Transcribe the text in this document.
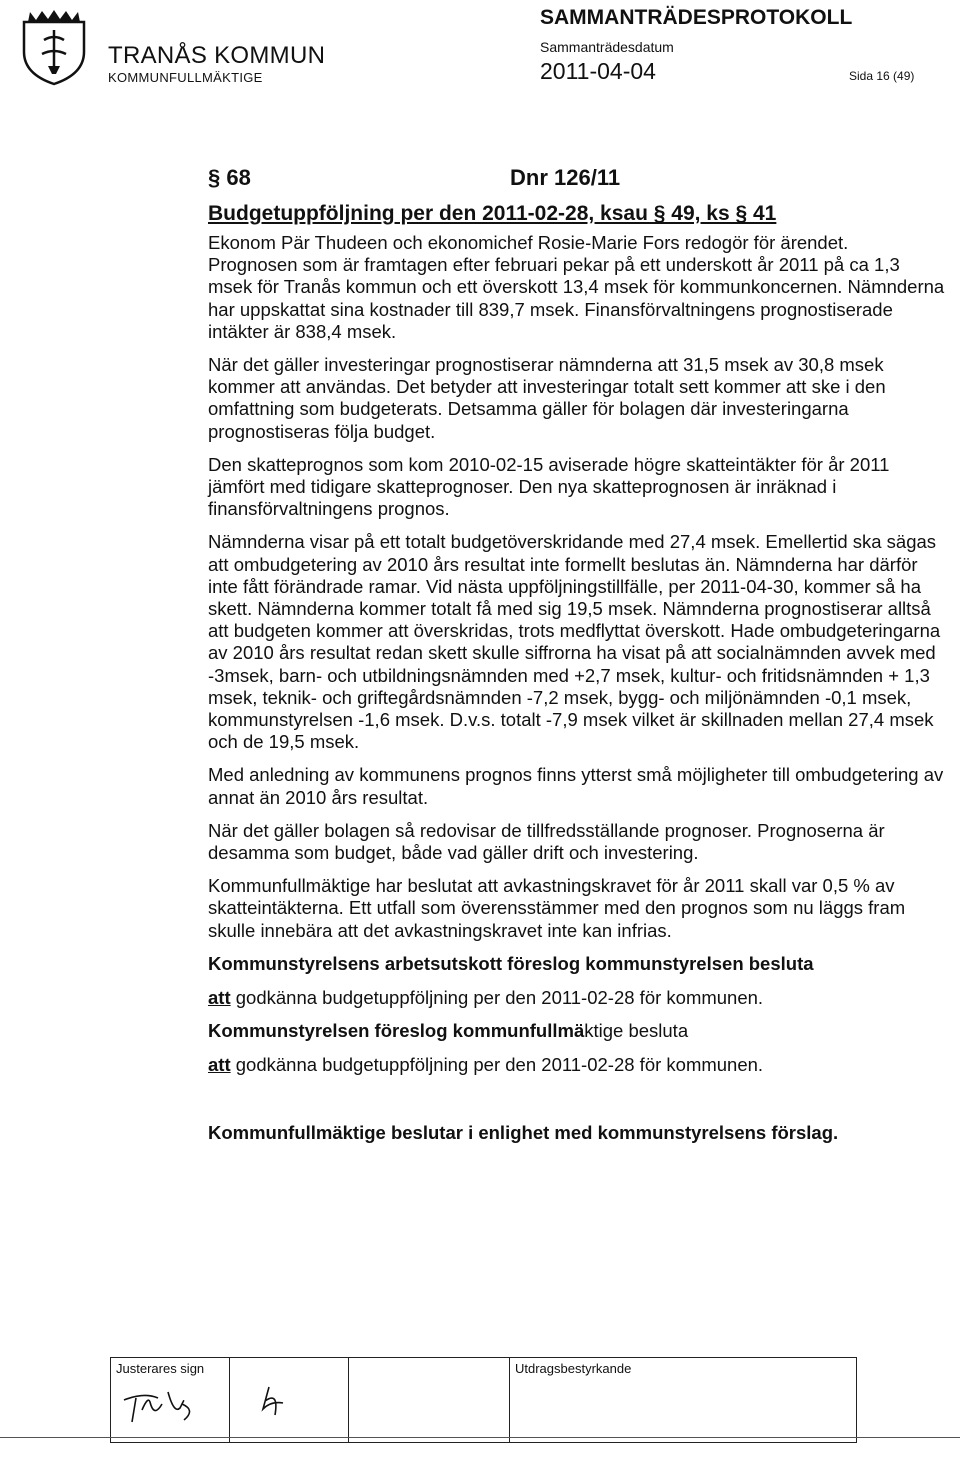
TRANÅS KOMMUN
KOMMUNFULLMÄKTIGE
SAMMANTRÄDESPROTOKOLL
Sammanträdesdatum
2011-04-04	Sida 16 (49)
§ 68	Dnr 126/11
Budgetuppföljning per den 2011-02-28, ksau § 49, ks § 41

Ekonom Pär Thudeen och ekonomichef Rosie-Marie Fors redogör för ärendet.

Prognosen som är framtagen efter februari pekar på ett underskott år 2011 på ca 1,3 msek för Tranås kommun och ett överskott 13,4 msek för kommunkoncernen. Nämnderna har uppskattat sina kostnader till 839,7 msek. Finansförvaltningens prognostiserade intäkter är 838,4 msek.

När det gäller investeringar prognostiserar nämnderna att 31,5 msek av 30,8 msek kommer att användas. Det betyder att investeringar totalt sett kommer att ske i den omfattning som budgeterats. Detsamma gäller för bolagen där investeringarna prognostiseras följa budget.

Den skatteprognos som kom 2010-02-15 aviserade högre skatteintäkter för år 2011 jämfört med tidigare skatteprognoser. Den nya skatteprognosen är inräknad i finansförvaltningens prognos.

Nämnderna visar på ett totalt budgetöverskridande med 27,4 msek. Emellertid ska sägas att ombudgetering av 2010 års resultat inte formellt beslutas än. Nämnderna har därför inte fått förändrade ramar. Vid nästa uppföljningstillfälle, per 2011-04-30, kommer så ha skett. Nämnderna kommer totalt få med sig 19,5 msek. Nämnderna prognostiserar alltså att budgeten kommer att överskridas, trots medflyttat överskott. Hade ombudgeteringarna av 2010 års resultat redan skett skulle siffrorna ha visat på att socialnämnden avvek med -3msek, barn- och utbildningsnämnden med +2,7 msek, kultur- och fritidsnämnden + 1,3 msek, teknik- och griftegårdsnämnden -7,2 msek, bygg- och miljönämnden -0,1 msek, kommunstyrelsen -1,6 msek. D.v.s. totalt -7,9 msek vilket är skillnaden mellan 27,4 msek och de 19,5 msek.

Med anledning av kommunens prognos finns ytterst små möjligheter till ombudgetering av annat än 2010 års resultat.

När det gäller bolagen så redovisar de tillfredsställande prognoser. Prognoserna är desamma som budget, både vad gäller drift och investering.

Kommunfullmäktige har beslutat att avkastningskravet för år 2011 skall var 0,5 % av skatteintäkterna. Ett utfall som överensstämmer med den prognos som nu läggs fram skulle innebära att det avkastningskravet inte kan infrias.

Kommunstyrelsens arbetsutskott föreslog kommunstyrelsen besluta

att godkänna budgetuppföljning per den 2011-02-28 för kommunen.

Kommunstyrelsen föreslog kommunfullmäktige besluta

att godkänna budgetuppföljning per den 2011-02-28 för kommunen.

Kommunfullmäktige beslutar i enlighet med kommunstyrelsens förslag.

Justerares sign			Utdragsbestyrkande
